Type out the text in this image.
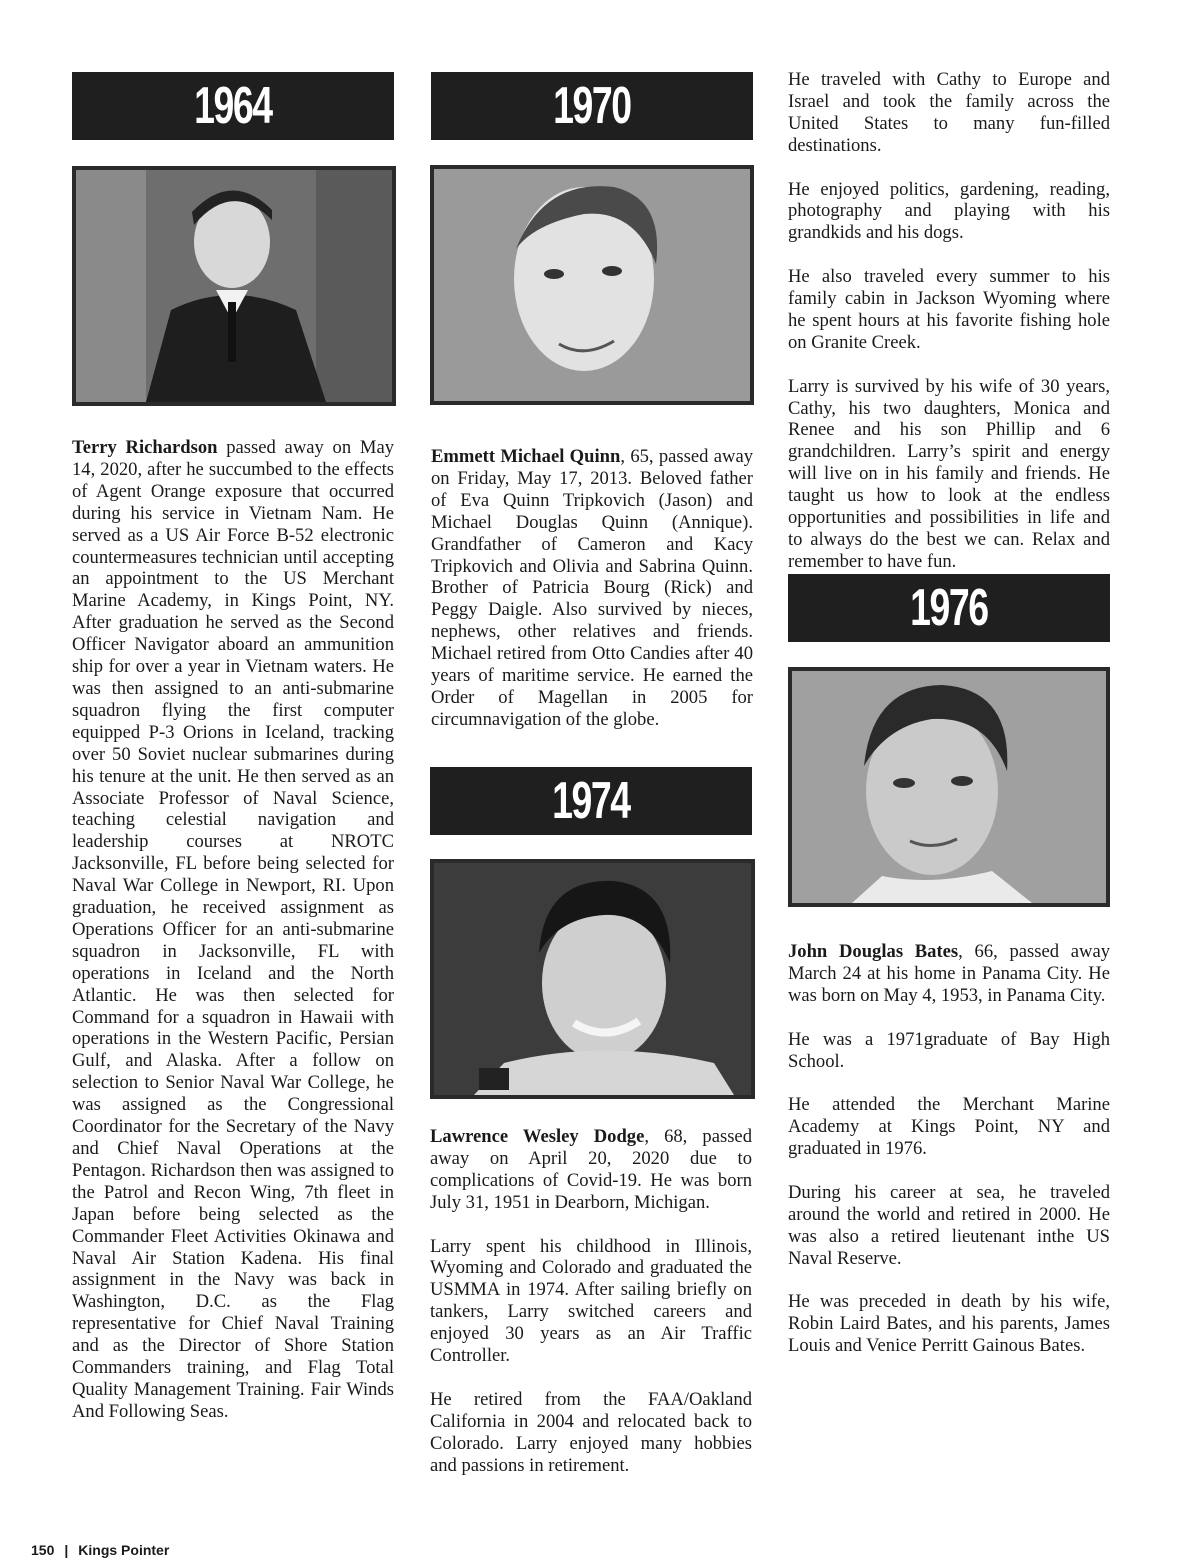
1964

Terry Richardson passed away on May 14, 2020, after he succumbed to the effects of Agent Orange exposure that occurred during his service in Vietnam Nam. He served as a US Air Force B-52 electronic countermeasures technician until accepting an appointment to the US Merchant Marine Academy, in Kings Point, NY. After graduation he served as the Second Officer Navigator aboard an ammunition ship for over a year in Vietnam waters. He was then assigned to an anti-submarine squadron flying the first computer equipped P-3 Orions in Iceland, tracking over 50 Soviet nuclear submarines during his tenure at the unit. He then served as an Associate Professor of Naval Science, teaching celestial navigation and leadership courses at NROTC Jacksonville, FL before being selected for Naval War College in Newport, RI. Upon graduation, he received assignment as Operations Officer for an anti-submarine squadron in Jacksonville, FL with operations in Iceland and the North Atlantic. He was then selected for Command for a squadron in Hawaii with operations in the Western Pacific, Persian Gulf, and Alaska. After a follow on selection to Senior Naval War College, he was assigned as the Congressional Coordinator for the Secretary of the Navy and Chief Naval Operations at the Pentagon. Richardson then was assigned to the Patrol and Recon Wing, 7th fleet in Japan before being selected as the Commander Fleet Activities Okinawa and Naval Air Station Kadena. His final assignment in the Navy was back in Washington, D.C. as the Flag representative for Chief Naval Training and as the Director of Shore Station Commanders training, and Flag Total Quality Management Training. Fair Winds And Following Seas.

1970

Emmett Michael Quinn, 65, passed away on Friday, May 17, 2013. Beloved father of Eva Quinn Tripkovich (Jason) and Michael Douglas Quinn (Annique). Grandfather of Cameron and Kacy Tripkovich and Olivia and Sabrina Quinn. Brother of Patricia Bourg (Rick) and Peggy Daigle. Also survived by nieces, nephews, other relatives and friends. Michael retired from Otto Candies after 40 years of maritime service. He earned the Order of Magellan in 2005 for circumnavigation of the globe.

1974

Lawrence Wesley Dodge, 68, passed away on April 20, 2020 due to complications of Covid-19. He was born July 31, 1951 in Dearborn, Michigan.

Larry spent his childhood in Illinois, Wyoming and Colorado and graduated the USMMA in 1974. After sailing briefly on tankers, Larry switched careers and enjoyed 30 years as an Air Traffic Controller.

He retired from the FAA/Oakland California in 2004 and relocated back to Colorado. Larry enjoyed many hobbies and passions in retirement.

He traveled with Cathy to Europe and Israel and took the family across the United States to many fun-filled destinations.

He enjoyed politics, gardening, reading, photography and playing with his grandkids and his dogs.

He also traveled every summer to his family cabin in Jackson Wyoming where he spent hours at his favorite fishing hole on Granite Creek.

Larry is survived by his wife of 30 years, Cathy, his two daughters, Monica and Renee and his son Phillip and 6 grandchildren. Larry’s spirit and energy will live on in his family and friends. He taught us how to look at the endless opportunities and possibilities in life and to always do the best we can. Relax and remember to have fun.

1976

John Douglas Bates, 66, passed away March 24 at his home in Panama City. He was born on May 4, 1953, in Panama City.

He was a 1971graduate of Bay High School.

He attended the Merchant Marine Academy at Kings Point, NY and graduated in 1976.

During his career at sea, he traveled around the world and retired in 2000. He was also a retired lieutenant inthe US Naval Reserve.

He was preceded in death by his wife, Robin Laird Bates, and his parents, James Louis and Venice Perritt Gainous Bates.

150 | Kings Pointer
